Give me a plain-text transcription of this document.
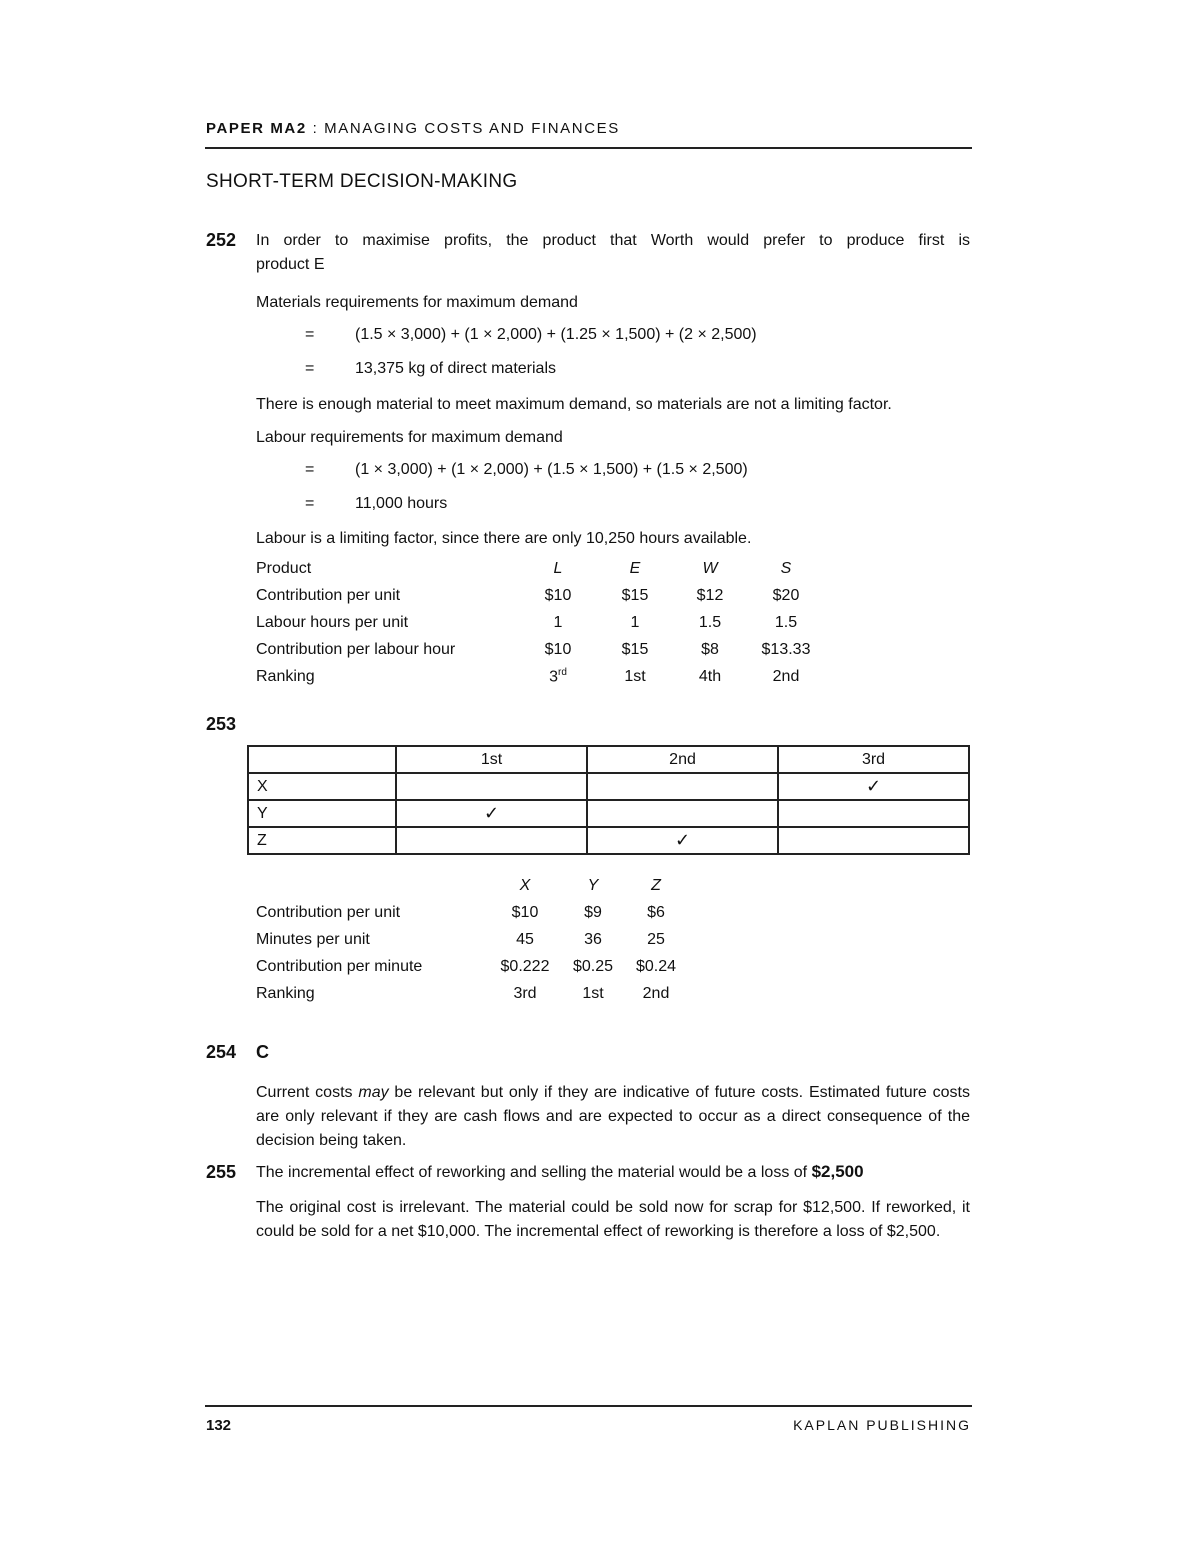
PAPER MA2 : MANAGING COSTS AND FINANCES
SHORT-TERM DECISION-MAKING
252 In order to maximise profits, the product that Worth would prefer to produce first is
product E
Materials requirements for maximum demand
=	(1.5 × 3,000) + (1 × 2,000) + (1.25 × 1,500) + (2 × 2,500)
=	13,375 kg of direct materials
There is enough material to meet maximum demand, so materials are not a limiting factor.
Labour requirements for maximum demand
=	(1 × 3,000) + (1 × 2,000) + (1.5 × 1,500) + (1.5 × 2,500)
=	11,000 hours
Labour is a limiting factor, since there are only 10,250 hours available.
Product	L	E	W	S
Contribution per unit	$10	$15	$12	$20
Labour hours per unit	1	1	1.5	1.5
Contribution per labour hour	$10	$15	$8	$13.33
Ranking	3rd	1st	4th	2nd
253
	1st	2nd	3rd
X			✓
Y	✓		
Z		✓	
	X	Y	Z
Contribution per unit	$10	$9	$6
Minutes per unit	45	36	25
Contribution per minute	$0.222	$0.25	$0.24
Ranking	3rd	1st	2nd
254 C
Current costs may be relevant but only if they are indicative of future costs. Estimated future costs are only relevant if they are cash flows and are expected to occur as a direct consequence of the decision being taken.
255 The incremental effect of reworking and selling the material would be a loss of $2,500
The original cost is irrelevant. The material could be sold now for scrap for $12,500. If reworked, it could be sold for a net $10,000. The incremental effect of reworking is therefore a loss of $2,500.
132	KAPLAN PUBLISHING
